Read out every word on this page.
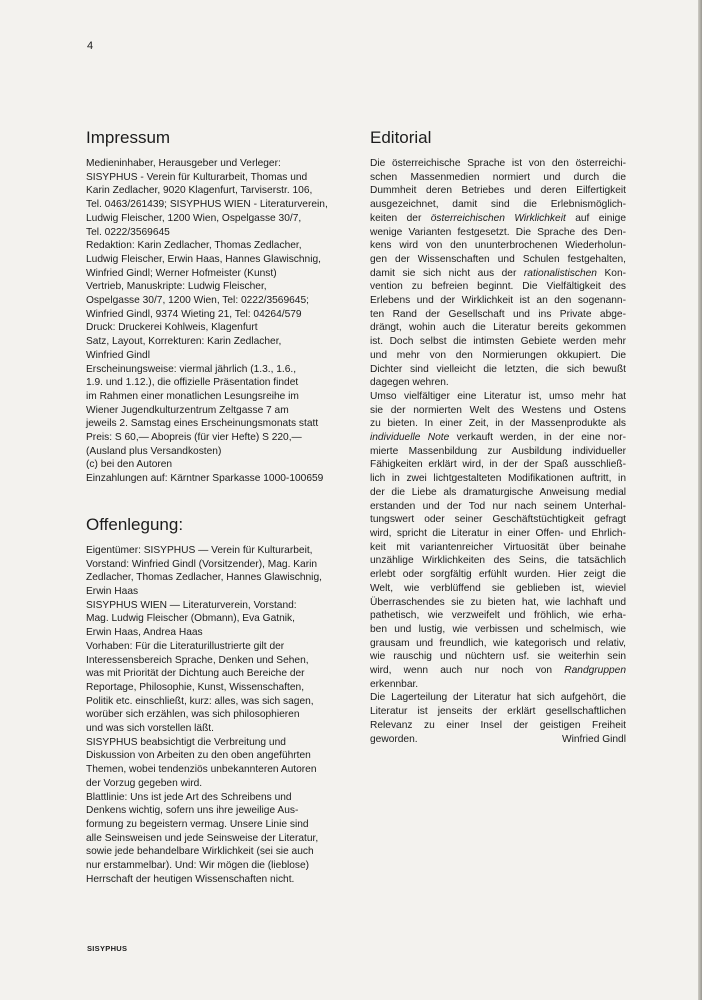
4
Impressum
Medieninhaber, Herausgeber und Verleger:
SISYPHUS - Verein für Kulturarbeit, Thomas und
Karin Zedlacher, 9020 Klagenfurt, Tarviserstr. 106,
Tel. 0463/261439; SISYPHUS WIEN - Literaturverein,
Ludwig Fleischer, 1200 Wien, Ospelgasse 30/7,
Tel. 0222/3569645
Redaktion: Karin Zedlacher, Thomas Zedlacher,
Ludwig Fleischer, Erwin Haas, Hannes Glawischnig,
Winfried Gindl; Werner Hofmeister (Kunst)
Vertrieb, Manuskripte: Ludwig Fleischer,
Ospelgasse 30/7, 1200 Wien, Tel: 0222/3569645;
Winfried Gindl, 9374 Wieting 21, Tel: 04264/579
Druck: Druckerei Kohlweis, Klagenfurt
Satz, Layout, Korrekturen: Karin Zedlacher,
Winfried Gindl
Erscheinungsweise: viermal jährlich (1.3., 1.6.,
1.9. und 1.12.), die offizielle Präsentation findet
im Rahmen einer monatlichen Lesungsreihe im
Wiener Jugendkulturzentrum Zeltgasse 7 am
jeweils 2. Samstag eines Erscheinungsmonats statt
Preis: S 60,— Abopreis (für vier Hefte) S 220,—
(Ausland plus Versandkosten)
(c) bei den Autoren
Einzahlungen auf: Kärntner Sparkasse 1000-100659
Offenlegung:
Eigentümer: SISYPHUS — Verein für Kulturarbeit,
Vorstand: Winfried Gindl (Vorsitzender), Mag. Karin
Zedlacher, Thomas Zedlacher, Hannes Glawischnig,
Erwin Haas
SISYPHUS WIEN — Literaturverein, Vorstand:
Mag. Ludwig Fleischer (Obmann), Eva Gatnik,
Erwin Haas, Andrea Haas
Vorhaben: Für die Literaturillustrierte gilt der
Interessensbereich Sprache, Denken und Sehen,
was mit Priorität der Dichtung auch Bereiche der
Reportage, Philosophie, Kunst, Wissenschaften,
Politik etc. einschließt, kurz: alles, was sich sagen,
worüber sich erzählen, was sich philosophieren
und was sich vorstellen läßt.
SISYPHUS beabsichtigt die Verbreitung und
Diskussion von Arbeiten zu den oben angeführten
Themen, wobei tendenziös unbekannteren Autoren
der Vorzug gegeben wird.
Blattlinie: Uns ist jede Art des Schreibens und
Denkens wichtig, sofern uns ihre jeweilige Aus-
formung zu begeistern vermag. Unsere Linie sind
alle Seinsweisen und jede Seinsweise der Literatur,
sowie jede behandelbare Wirklichkeit (sei sie auch
nur erstammelbar). Und: Wir mögen die (lieblose)
Herrschaft der heutigen Wissenschaften nicht.
Editorial

Die österreichische Sprache ist von den österreichi-
schen Massenmedien normiert und durch die
Dummheit deren Betriebes und deren Eilfertigkeit
ausgezeichnet, damit sind die Erlebnismöglich-
keiten der österreichischen Wirklichkeit auf einige
wenige Varianten festgesetzt. Die Sprache des Den-
kens wird von den ununterbrochenen Wiederholun-
gen der Wissenschaften und Schulen festgehalten,
damit sie sich nicht aus der rationalistischen Kon-
vention zu befreien beginnt. Die Vielfältigkeit des
Erlebens und der Wirklichkeit ist an den sogenann-
ten Rand der Gesellschaft und ins Private abge-
drängt, wohin auch die Literatur bereits gekommen
ist. Doch selbst die intimsten Gebiete werden mehr
und mehr von den Normierungen okkupiert. Die
Dichter sind vielleicht die letzten, die sich bewußt
dagegen wehren.

Umso vielfältiger eine Literatur ist, umso mehr hat
sie der normierten Welt des Westens und Ostens
zu bieten. In einer Zeit, in der Massenprodukte als
individuelle Note verkauft werden, in der eine nor-
mierte Massenbildung zur Ausbildung individueller
Fähigkeiten erklärt wird, in der der Spaß ausschließ-
lich in zwei lichtgestalteten Modifikationen auftritt, in
der die Liebe als dramaturgische Anweisung medial
erstanden und der Tod nur nach seinem Unterhal-
tungswert oder seiner Geschäftstüchtigkeit gefragt
wird, spricht die Literatur in einer Offen- und Ehrlich-
keit mit variantenreicher Virtuosität über beinahe
unzählige Wirklichkeiten des Seins, die tatsächlich
erlebt oder sorgfältig erfühlt wurden. Hier zeigt die
Welt, wie verblüffend sie geblieben ist, wieviel
Überraschendes sie zu bieten hat, wie lachhaft und
pathetisch, wie verzweifelt und fröhlich, wie erha-
ben und lustig, wie verbissen und schelmisch, wie
grausam und freundlich, wie kategorisch und relativ,
wie rauschig und nüchtern usf. sie weiterhin sein
wird, wenn auch nur noch von Randgruppen
erkennbar.

Die Lagerteilung der Literatur hat sich aufgehört, die
Literatur ist jenseits der erklärt gesellschaftlichen
Relevanz zu einer Insel der geistigen Freiheit

geworden.	Winfried Gindl
SISYPHUS
